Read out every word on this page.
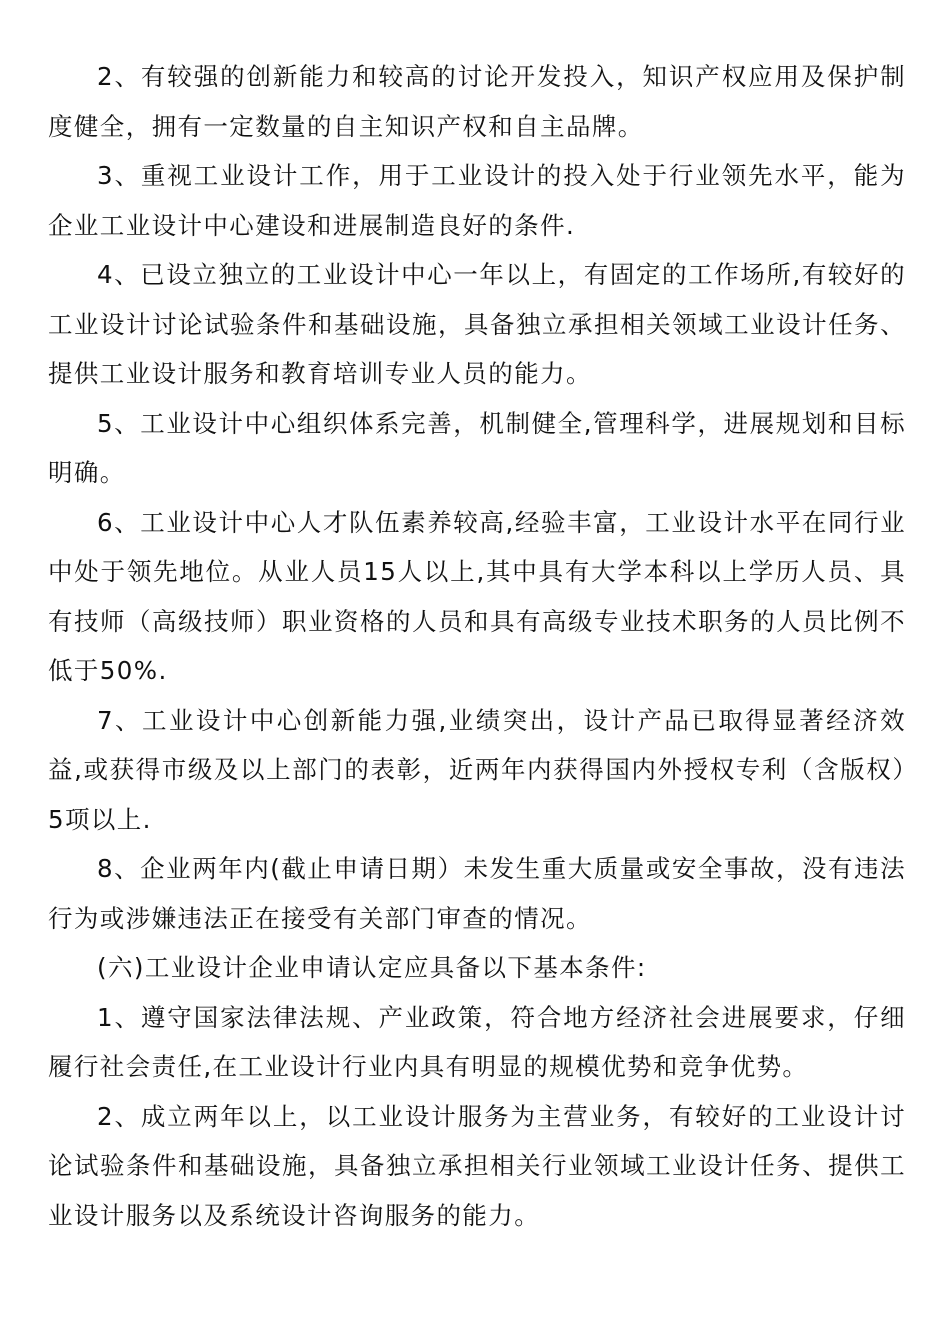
2、有较强的创新能力和较高的讨论开发投入，知识产权应用及保护制度健全，拥有一定数量的自主知识产权和自主品牌。

3、重视工业设计工作，用于工业设计的投入处于行业领先水平，能为企业工业设计中心建设和进展制造良好的条件.

4、已设立独立的工业设计中心一年以上，有固定的工作场所,有较好的工业设计讨论试验条件和基础设施，具备独立承担相关领域工业设计任务、提供工业设计服务和教育培训专业人员的能力。

5、工业设计中心组织体系完善，机制健全,管理科学，进展规划和目标明确。

6、工业设计中心人才队伍素养较高,经验丰富，工业设计水平在同行业中处于领先地位。从业人员15人以上,其中具有大学本科以上学历人员、具有技师（高级技师）职业资格的人员和具有高级专业技术职务的人员比例不低于50%.

7、工业设计中心创新能力强,业绩突出，设计产品已取得显著经济效益,或获得市级及以上部门的表彰，近两年内获得国内外授权专利（含版权）5项以上.

8、企业两年内(截止申请日期）未发生重大质量或安全事故，没有违法行为或涉嫌违法正在接受有关部门审查的情况。

(六)工业设计企业申请认定应具备以下基本条件:

1、遵守国家法律法规、产业政策，符合地方经济社会进展要求，仔细履行社会责任,在工业设计行业内具有明显的规模优势和竞争优势。

2、成立两年以上，以工业设计服务为主营业务，有较好的工业设计讨论试验条件和基础设施，具备独立承担相关行业领域工业设计任务、提供工业设计服务以及系统设计咨询服务的能力。
